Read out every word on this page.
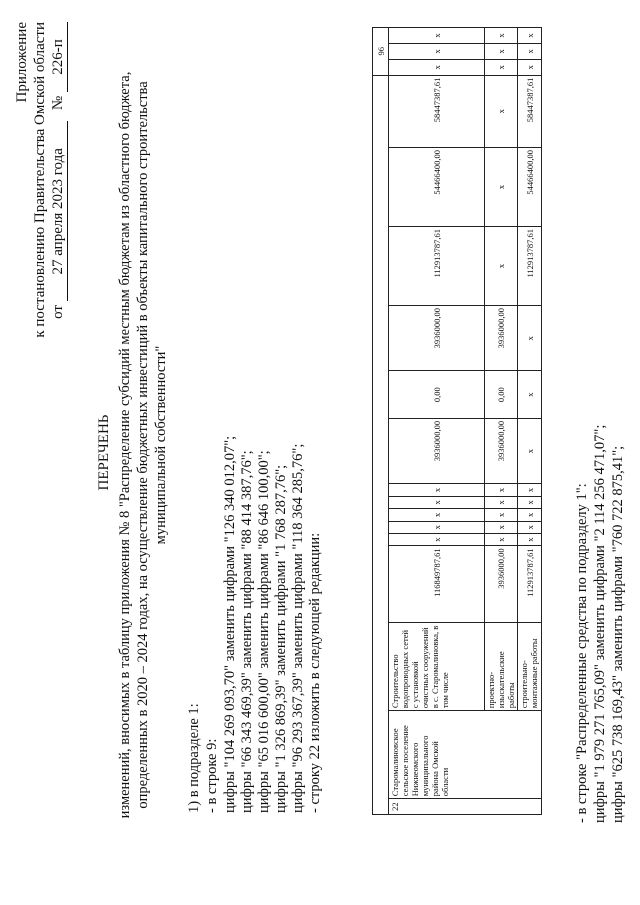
Приложение к постановлению Правительства Омской области от 27 апреля 2023 года   № 226-п
ПЕРЕЧЕНЬ изменений, вносимых в таблицу приложения № 8 "Распределение субсидий местным бюджетам из областного бюджета, определенных в 2020 – 2024 годах, на осуществление бюджетных инвестиций в объекты капитального строительства муниципальной собственности"
1) в подразделе 1: - в строке 9: цифры "104 269 093,70" заменить цифрами "126 340 012,07"; цифры "66 343 469,39" заменить цифрами "88 414 387,76"; цифры "65 016 600,00" заменить цифрами "86 646 100,00"; цифры "1 326 869,39" заменить цифрами "1 768 287,76"; цифры "96 293 367,39" заменить цифрами "118 364 285,76"; - строку 22 изложить в следующей редакции:
															96		
22	Старомалиновское сельское поселение Нижнеомского муниципального района Омской области	Строительство водопроводных сетей с установкой очистных сооружений в с. Старомалиновка, в том числе	116849787,61	x	x	x	x	x	3936000,00	0,00	3936000,00	112913787,61	54466400,00	58447387,61	x	x	x
		проектно-изыскательские работы	3936000,00	x	x	x	x	x	3936000,00	0,00	3936000,00	x	x	x	x	x	x
		строительно-монтажные работы	112913787,61	x	x	x	x	x	x	x	x	112913787,61	54466400,00	58447387,61	x	x	x
- в строке "Распределенные средства по подразделу 1": цифры "1 979 271 765,09" заменить цифрами "2 114 256 471,07"; цифры "625 738 169,43" заменить цифрами "760 722 875,41";
